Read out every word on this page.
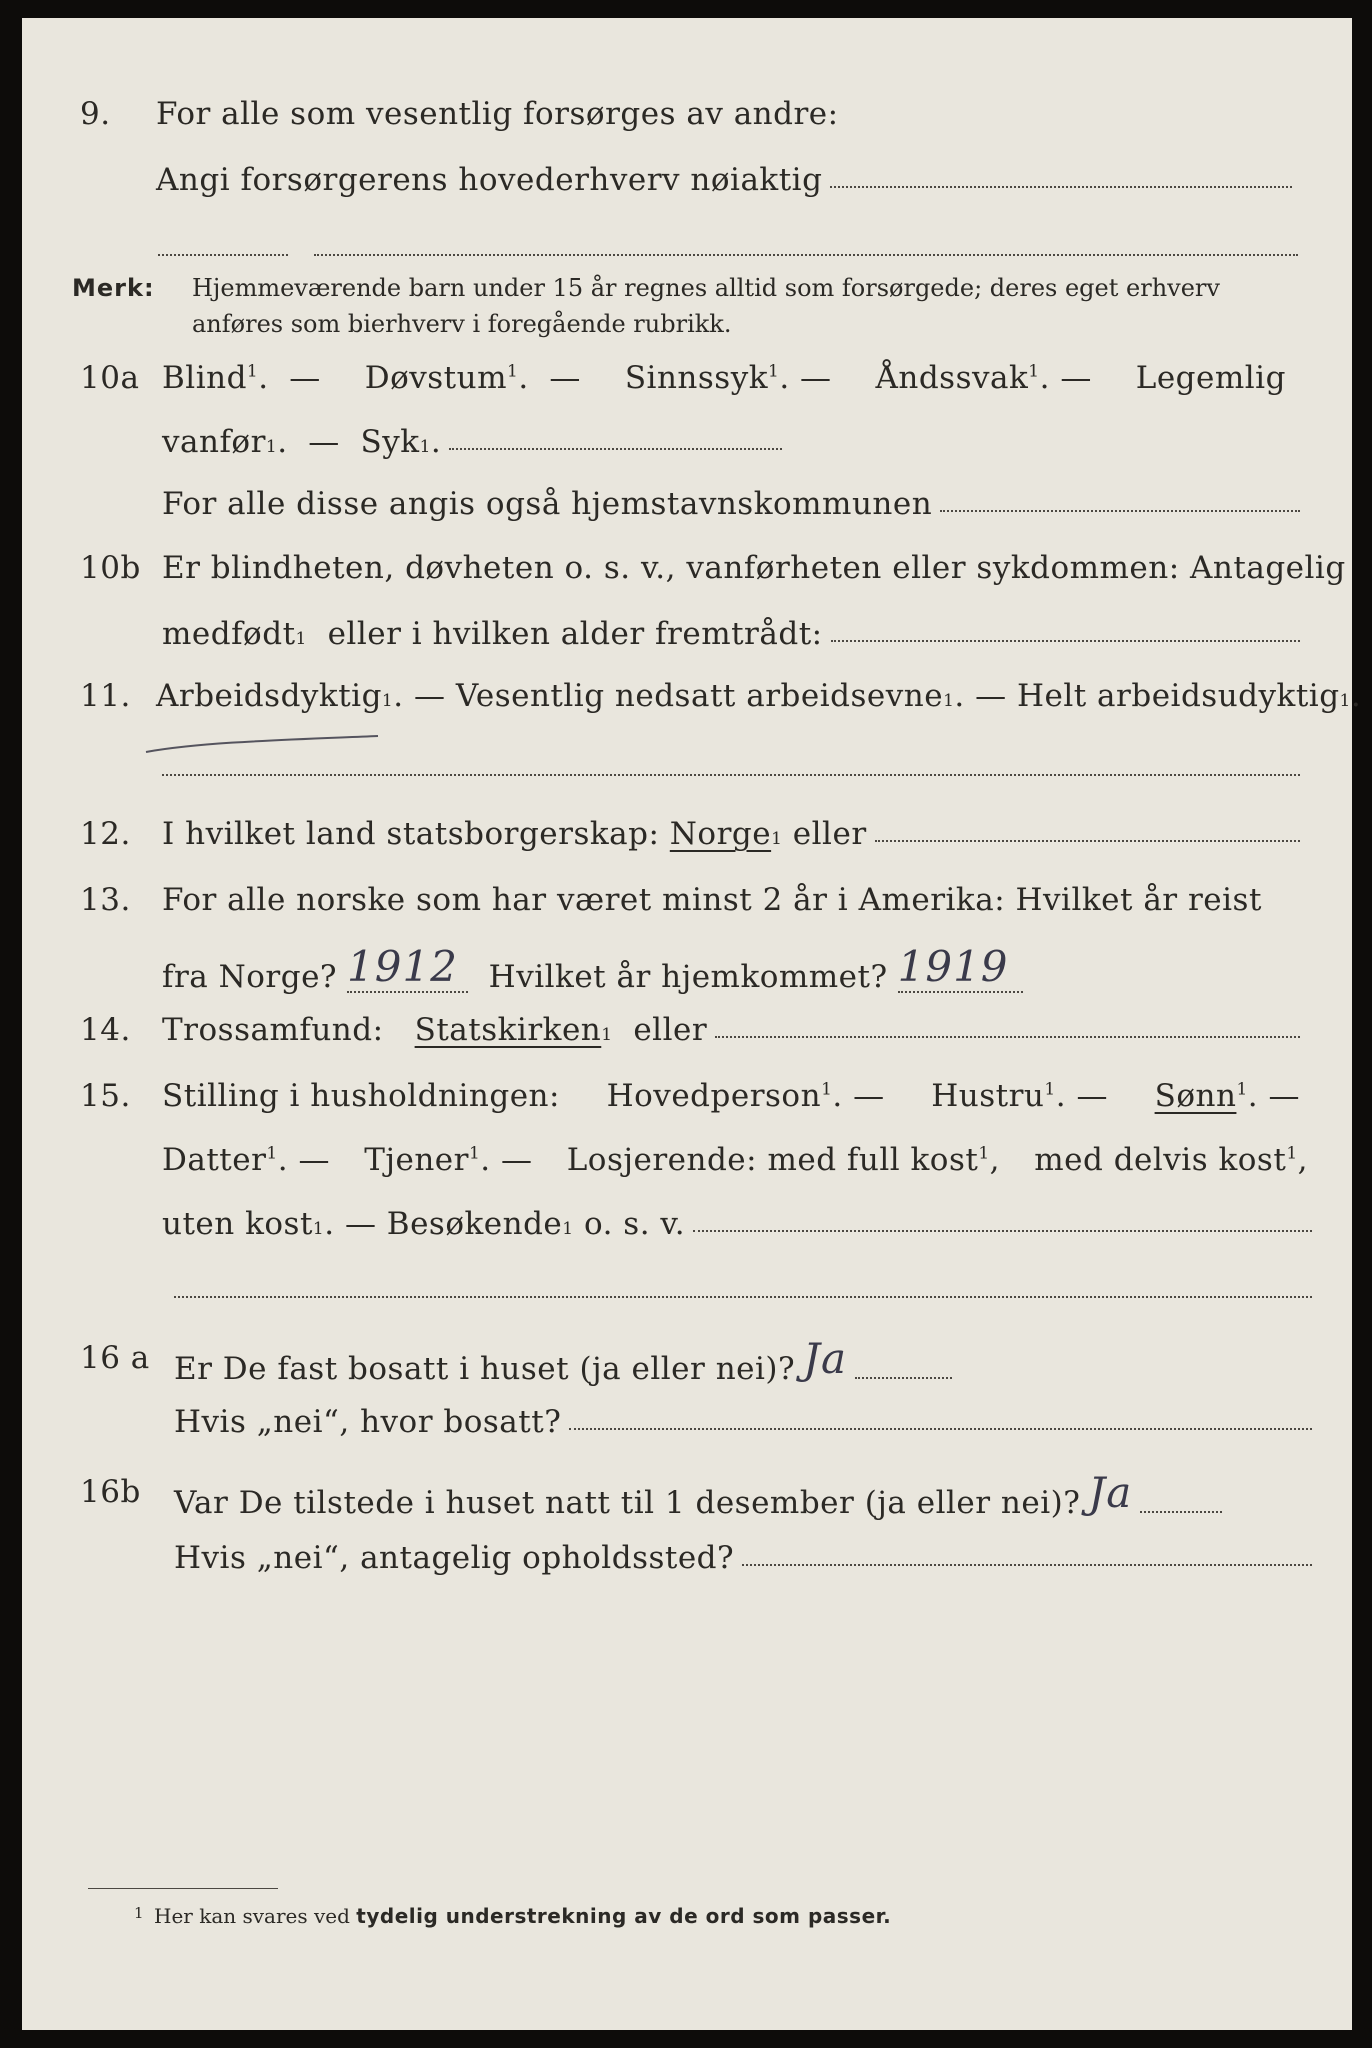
9.	For alle som vesentlig forsørges av andre:
Angi forsørgerens hovederhverv nøiaktig
Merk: Hjemmeværende barn under 15 år regnes alltid som forsørgede; deres eget erhverv
anføres som bierhverv i foregående rubrikk.
10a Blind$^1$.  — Døvstum$^1$.  — Sinnssyk$^1$. — Åndssvak$^1$. — Legemlig
vanfør 1 .  — Syk 1 .
For alle disse angis også hjemstavnskommunen
10b Er blindheten, døvheten o. s. v., vanførheten eller sykdommen: Antagelig
medfødt 1
eller i hvilken alder fremtrådt:
11. Arbeidsdyktig 1 . — Vesentlig nedsatt arbeidsevne 1 . — Helt arbeidsudyktig 1 .
12.	I hvilket land statsborgerskap:
Norge 1
eller
13.	For alle norske som har været minst 2 år i Amerika: Hvilket år reist
fra Norge? 1912
Hvilket år hjemkommet? 1919
14.	Trossamfund:
Statskirken 1
eller
15.	Stilling i husholdningen: Hovedperson$^1$. — Hustru$^1$. — Sønn$^1$. —
Datter$^1$. — Tjener$^1$. — Losjerende: med full kost$^1$, med delvis kost$^1$,
uten kost 1 . — Besøkende 1
o. s. v.
16 a Er De fast bosatt i huset (ja eller nei)? Ja
Hvis „nei“, hvor bosatt?
16b	Var De tilstede i huset natt til 1 desember (ja eller nei)? Ja
Hvis „nei“, antagelig opholdssted?
1 Her kan svares ved tydelig understrekning av de ord som passer.
